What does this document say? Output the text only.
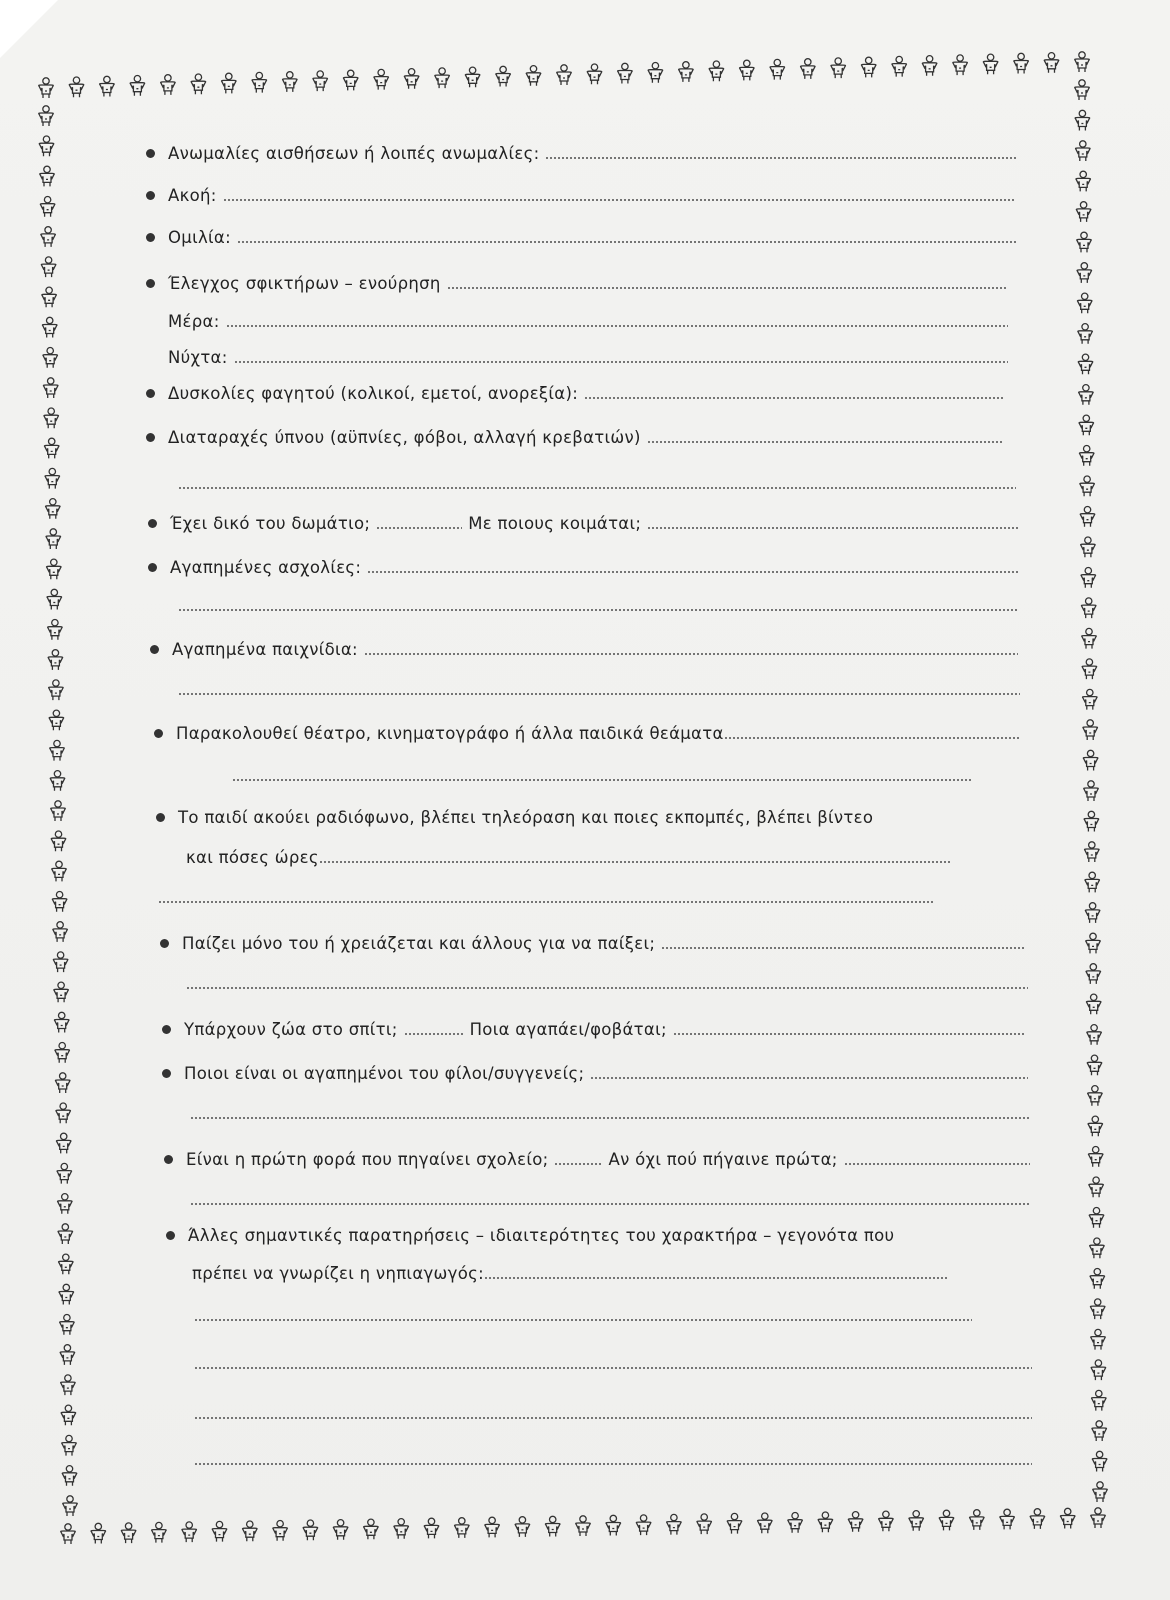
Ανωμαλίες αισθήσεων ή λοιπές ανωμαλίες:
Ακοή:
Ομιλία:
Έλεγχος σφικτήρων – ενούρηση
Μέρα:
Νύχτα:
Δυσκολίες φαγητού (κολικοί, εμετοί, ανορεξία):
Διαταραχές ύπνου (αϋπνίες, φόβοι, αλλαγή κρεβατιών)
Έχει δικό του δωμάτιο;	Με ποιους κοιμάται;
Αγαπημένες ασχολίες:
Αγαπημένα παιχνίδια:
Παρακολουθεί θέατρο, κινηματογράφο ή άλλα παιδικά θεάματα
Το παιδί ακούει ραδιόφωνο, βλέπει τηλεόραση και ποιες εκπομπές, βλέπει βίντεο
και πόσες ώρες
Παίζει μόνο του ή χρειάζεται και άλλους για να παίξει;
Υπάρχουν ζώα στο σπίτι;	Ποια αγαπάει/φοβάται;
Ποιοι είναι οι αγαπημένοι του φίλοι/συγγενείς;
Είναι η πρώτη φορά που πηγαίνει σχολείο;	Αν όχι πού πήγαινε πρώτα;
Άλλες σημαντικές παρατηρήσεις – ιδιαιτερότητες του χαρακτήρα – γεγονότα που
πρέπει να γνωρίζει η νηπιαγωγός:
